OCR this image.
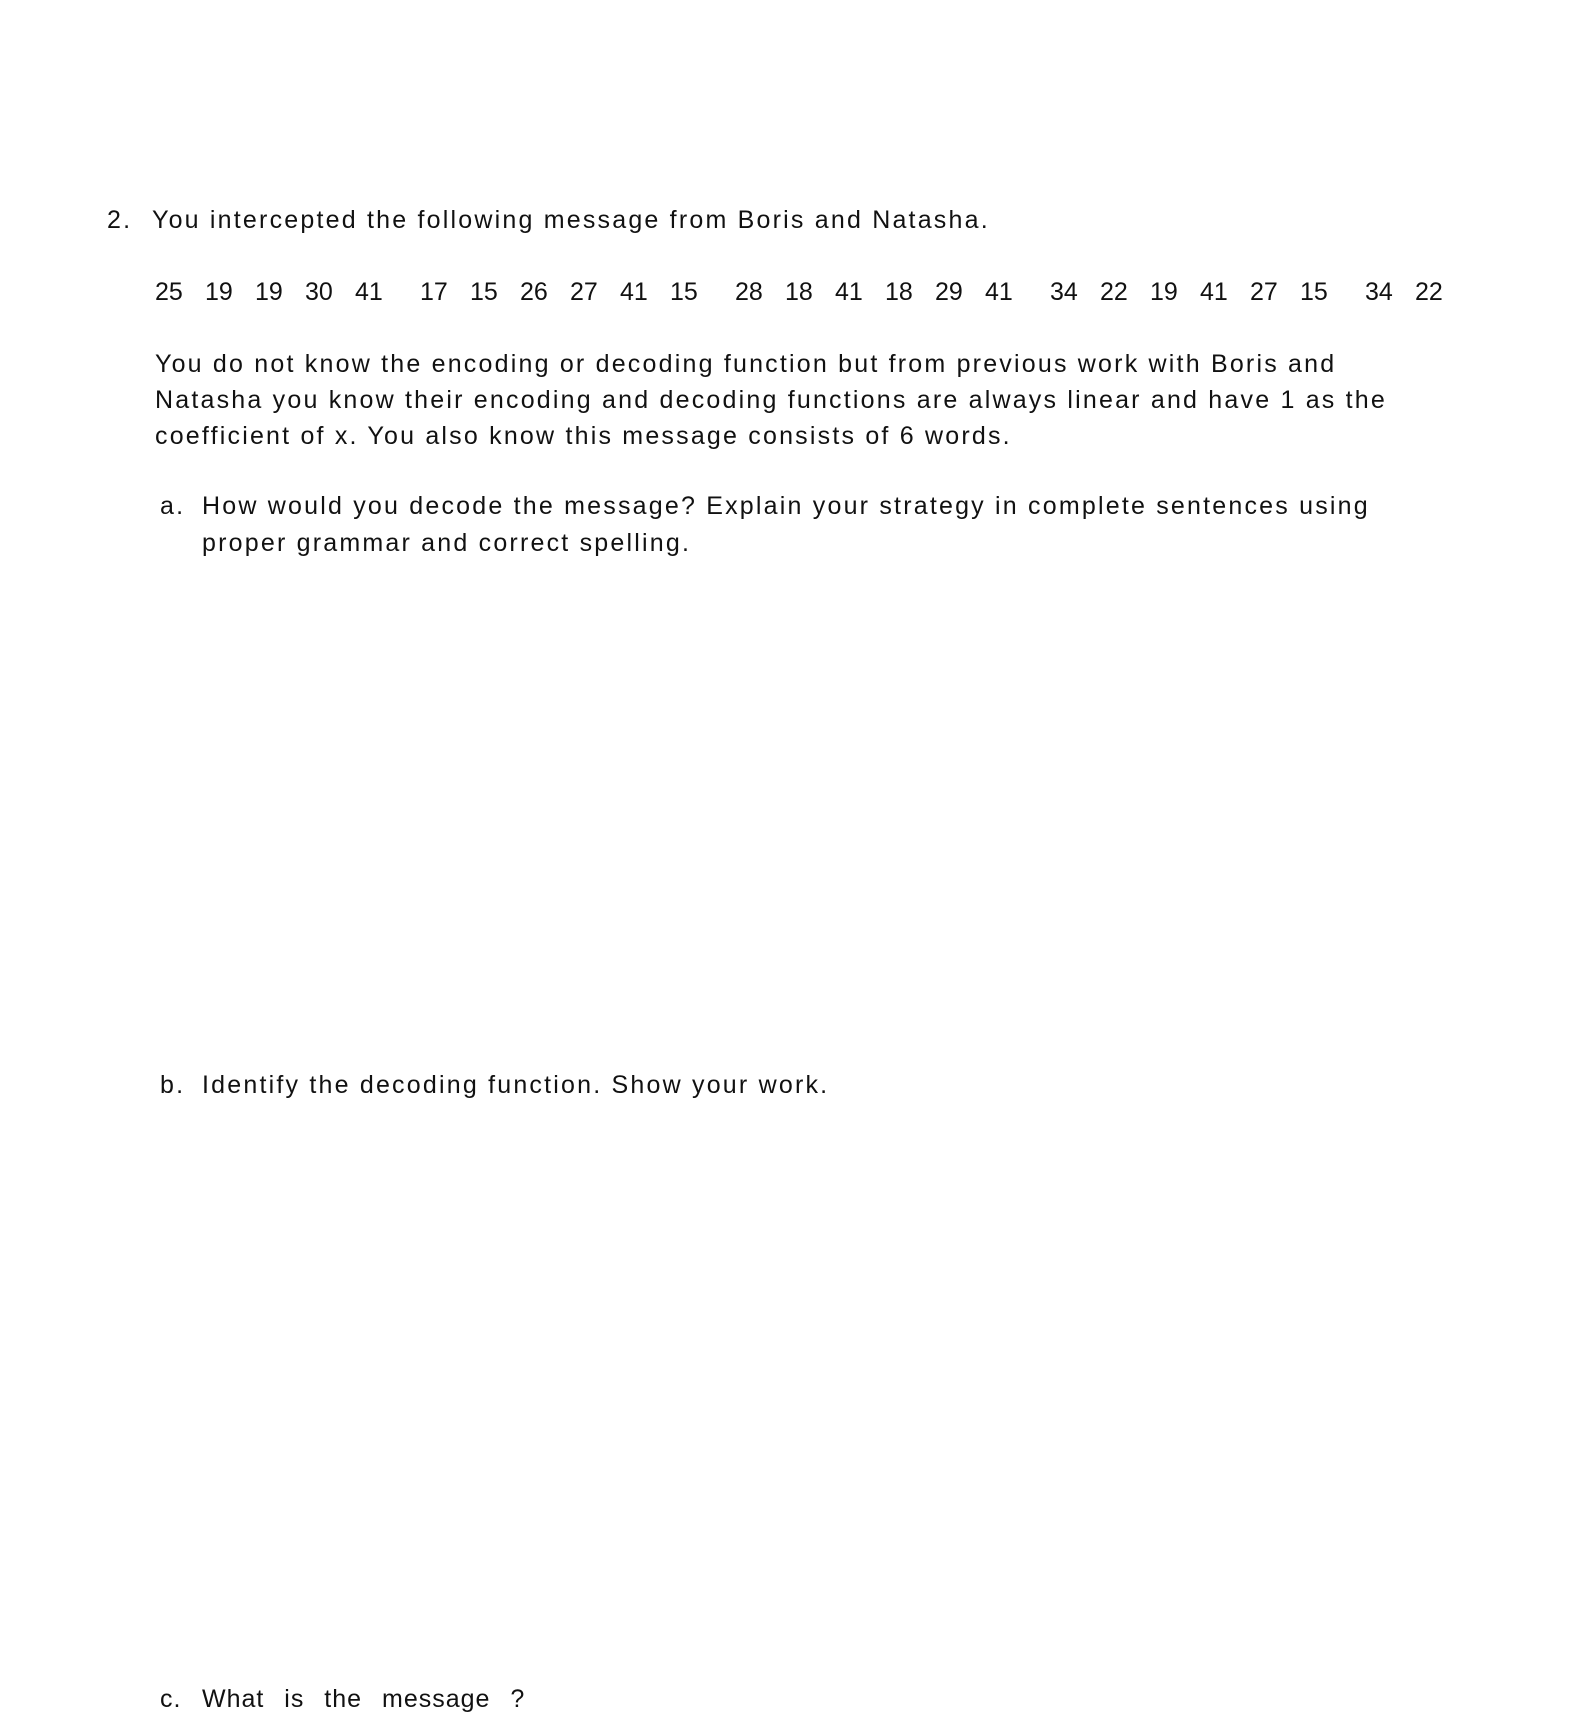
2. You intercepted the following message from Boris and Natasha.
25 19 19 30 41	17 15 26 27 41 15	28 18 41 18 29 41	34 22 19 41 27 15	34 22
You do not know the encoding or decoding function but from previous work with Boris and
Natasha you know their encoding and decoding functions are always linear and have 1 as the
coefficient of x. You also know this message consists of 6 words.
a. How would you decode the message? Explain your strategy in complete sentences using
proper grammar and correct spelling.
b. Identify the decoding function. Show your work.
c. What is the message ?
